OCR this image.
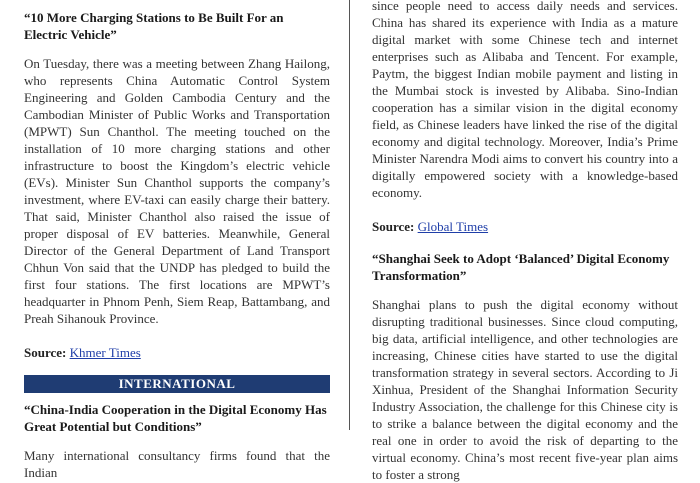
“10 More Charging Stations to Be Built For an Electric Vehicle”

On Tuesday, there was a meeting between Zhang Hailong, who represents China Automatic Control System Engineering and Golden Cambodia Century and the Cambodian Minister of Public Works and Transportation (MPWT) Sun Chanthol. The meeting touched on the installation of 10 more charging stations and other infrastructure to boost the Kingdom’s electric vehicle (EVs). Minister Sun Chanthol supports the company’s investment, where EV-taxi can easily charge their battery. That said, Minister Chanthol also raised the issue of proper disposal of EV batteries. Meanwhile, General Director of the General Department of Land Transport Chhun Von said that the UNDP has pledged to build the first four stations. The first locations are MPWT’s headquarter in Phnom Penh, Siem Reap, Battambang, and Preah Sihanouk Province.

Source: Khmer Times

INTERNATIONAL

“China-India Cooperation in the Digital Economy Has Great Potential but Conditions”

Many international consultancy firms found that the Indian

since people need to access daily needs and services. China has shared its experience with India as a mature digital market with some Chinese tech and internet enterprises such as Alibaba and Tencent. For example, Paytm, the biggest Indian mobile payment and listing in the Mumbai stock is invested by Alibaba. Sino-Indian cooperation has a similar vision in the digital economy field, as Chinese leaders have linked the rise of the digital economy and digital technology. Moreover, India’s Prime Minister Narendra Modi aims to convert his country into a digitally empowered society with a knowledge-based economy.

Source: Global Times

“Shanghai Seek to Adopt ‘Balanced’ Digital Economy Transformation”

Shanghai plans to push the digital economy without disrupting traditional businesses. Since cloud computing, big data, artificial intelligence, and other technologies are increasing, Chinese cities have started to use the digital transformation strategy in several sectors. According to Ji Xinhua, President of the Shanghai Information Security Industry Association, the challenge for this Chinese city is to strike a balance between the digital economy and the real one in order to avoid the risk of departing to the virtual economy. China’s most recent five-year plan aims to foster a strong
